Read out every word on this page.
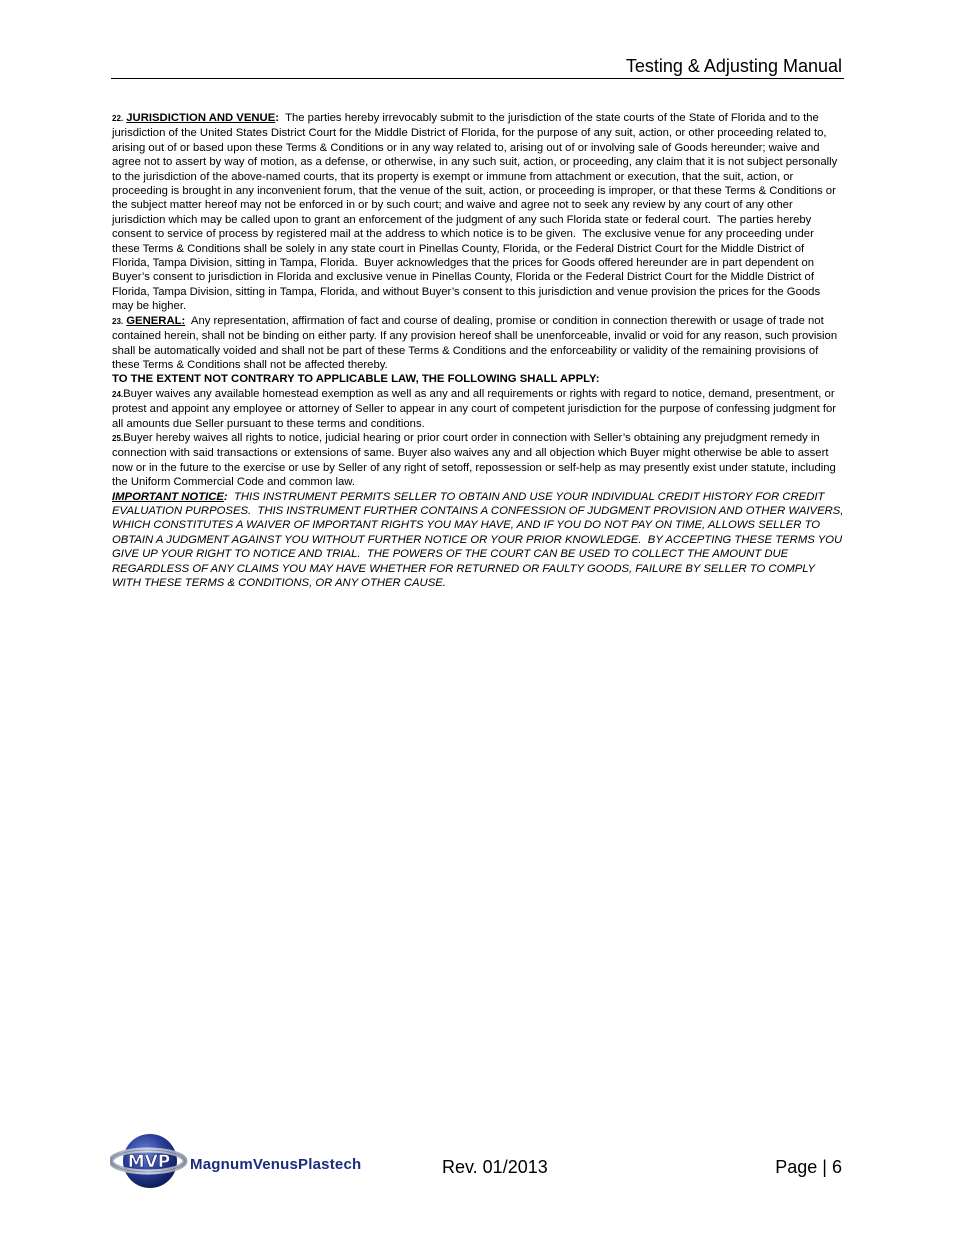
Testing & Adjusting Manual

22. JURISDICTION AND VENUE:  The parties hereby irrevocably submit to the jurisdiction of the state courts of the State of Florida and to the jurisdiction of the United States District Court for the Middle District of Florida, for the purpose of any suit, action, or other proceeding related to, arising out of or based upon these Terms & Conditions or in any way related to, arising out of or involving sale of Goods hereunder; waive and agree not to assert by way of motion, as a defense, or otherwise, in any such suit, action, or proceeding, any claim that it is not subject personally to the jurisdiction of the above-named courts, that its property is exempt or immune from attachment or execution, that the suit, action, or proceeding is brought in any inconvenient forum, that the venue of the suit, action, or proceeding is improper, or that these Terms & Conditions or the subject matter hereof may not be enforced in or by such court; and waive and agree not to seek any review by any court of any other jurisdiction which may be called upon to grant an enforcement of the judgment of any such Florida state or federal court.  The parties hereby consent to service of process by registered mail at the address to which notice is to be given.  The exclusive venue for any proceeding under these Terms & Conditions shall be solely in any state court in Pinellas County, Florida, or the Federal District Court for the Middle District of Florida, Tampa Division, sitting in Tampa, Florida.  Buyer acknowledges that the prices for Goods offered hereunder are in part dependent on Buyer’s consent to jurisdiction in Florida and exclusive venue in Pinellas County, Florida or the Federal District Court for the Middle District of Florida, Tampa Division, sitting in Tampa, Florida, and without Buyer’s consent to this jurisdiction and venue provision the prices for the Goods may be higher.

23. GENERAL:  Any representation, affirmation of fact and course of dealing, promise or condition in connection therewith or usage of trade not contained herein, shall not be binding on either party. If any provision hereof shall be unenforceable, invalid or void for any reason, such provision shall be automatically voided and shall not be part of these Terms & Conditions and the enforceability or validity of the remaining provisions of these Terms & Conditions shall not be affected thereby.

TO THE EXTENT NOT CONTRARY TO APPLICABLE LAW, THE FOLLOWING SHALL APPLY:

24.Buyer waives any available homestead exemption as well as any and all requirements or rights with regard to notice, demand, presentment, or protest and appoint any employee or attorney of Seller to appear in any court of competent jurisdiction for the purpose of confessing judgment for all amounts due Seller pursuant to these terms and conditions.

25.Buyer hereby waives all rights to notice, judicial hearing or prior court order in connection with Seller’s obtaining any prejudgment remedy in connection with said transactions or extensions of same. Buyer also waives any and all objection which Buyer might otherwise be able to assert now or in the future to the exercise or use by Seller of any right of setoff, repossession or self-help as may presently exist under statute, including the Uniform Commercial Code and common law.

IMPORTANT NOTICE:  THIS INSTRUMENT PERMITS SELLER TO OBTAIN AND USE YOUR INDIVIDUAL CREDIT HISTORY FOR CREDIT EVALUATION PURPOSES.  THIS INSTRUMENT FURTHER CONTAINS A CONFESSION OF JUDGMENT PROVISION AND OTHER WAIVERS, WHICH CONSTITUTES A WAIVER OF IMPORTANT RIGHTS YOU MAY HAVE, AND IF YOU DO NOT PAY ON TIME, ALLOWS SELLER TO OBTAIN A JUDGMENT AGAINST YOU WITHOUT FURTHER NOTICE OR YOUR PRIOR KNOWLEDGE.  BY ACCEPTING THESE TERMS YOU GIVE UP YOUR RIGHT TO NOTICE AND TRIAL.  THE POWERS OF THE COURT CAN BE USED TO COLLECT THE AMOUNT DUE REGARDLESS OF ANY CLAIMS YOU MAY HAVE WHETHER FOR RETURNED OR FAULTY GOODS, FAILURE BY SELLER TO COMPLY WITH THESE TERMS & CONDITIONS, OR ANY OTHER CAUSE.

MVP MagnumVenusPlastech	Rev. 01/2013	Page | 6
